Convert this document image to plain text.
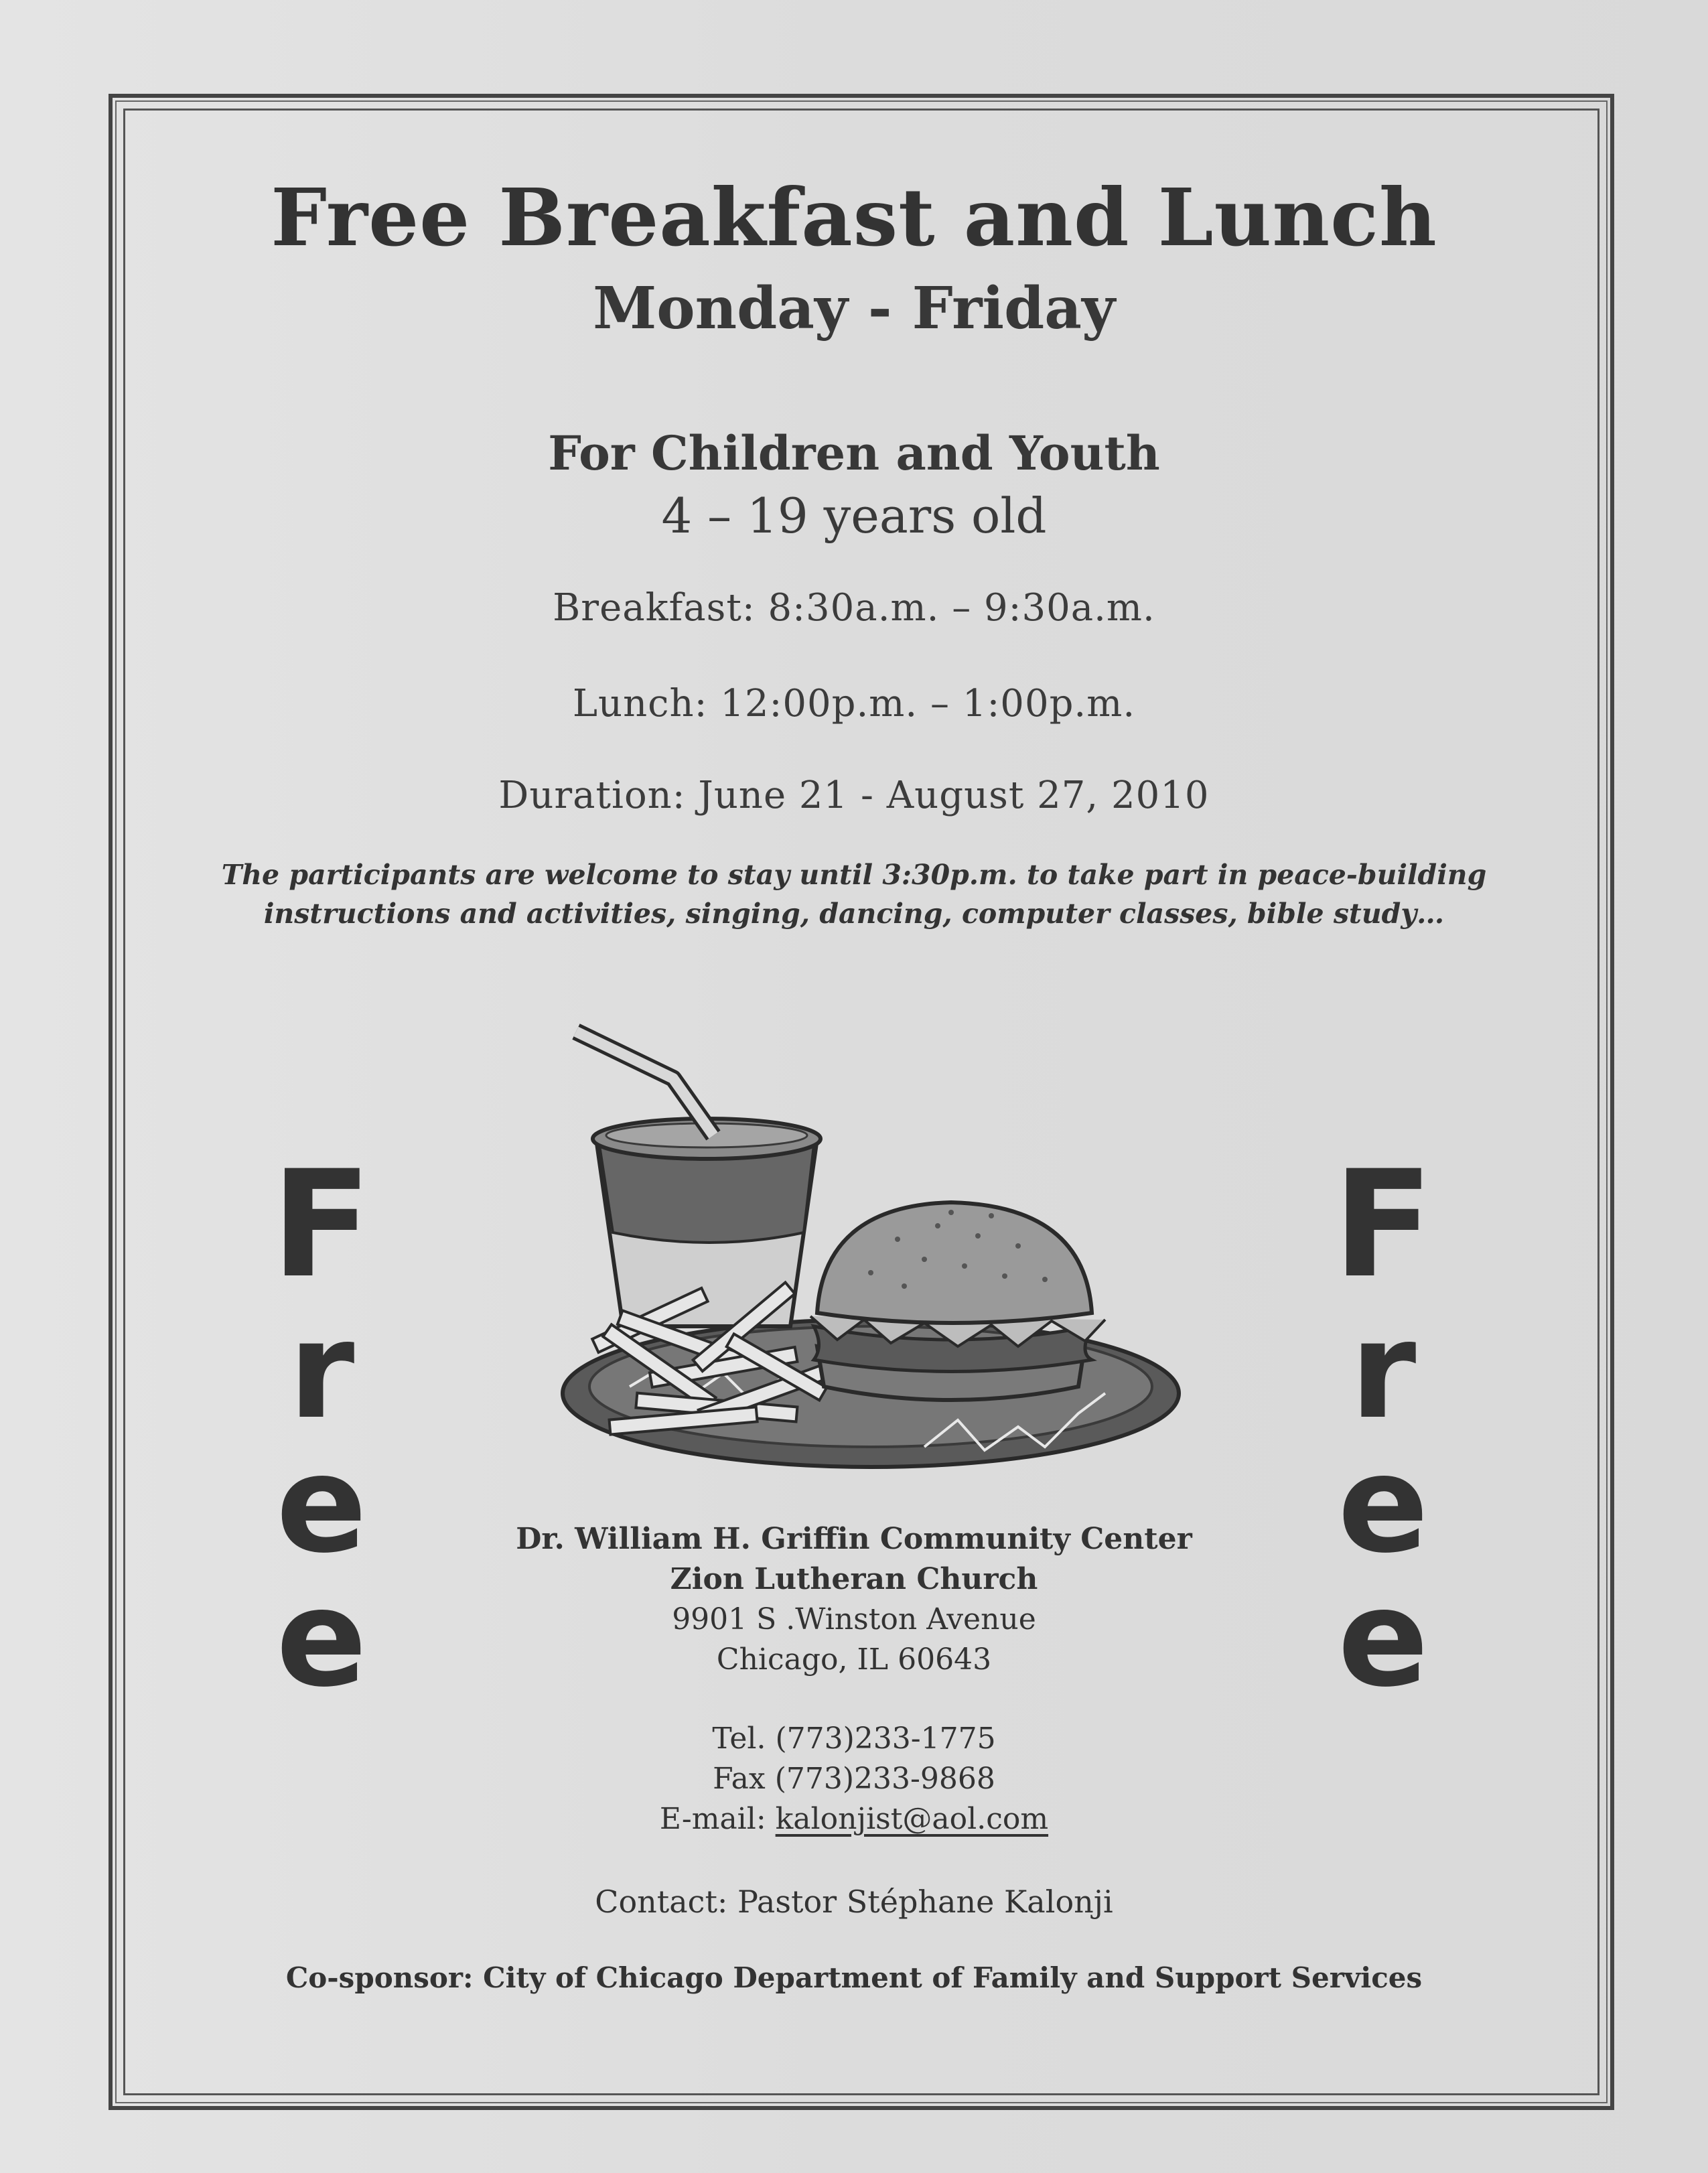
Free Breakfast and Lunch
Monday - Friday
For Children and Youth
4 – 19 years old
Breakfast: 8:30a.m. – 9:30a.m.
Lunch: 12:00p.m. – 1:00p.m.
Duration: June 21 - August 27, 2010
The participants are welcome to stay until 3:30p.m. to take part in peace-building
instructions and activities, singing, dancing, computer classes, bible study…
F
r
e
e
F
r
e
e
Dr. William H. Griffin Community Center
Zion Lutheran Church
9901 S .Winston Avenue
Chicago, IL 60643
Tel. (773)233-1775
Fax (773)233-9868
E-mail: kalonjist@aol.com
Contact: Pastor Stéphane Kalonji
Co-sponsor: City of Chicago Department of Family and Support Services
